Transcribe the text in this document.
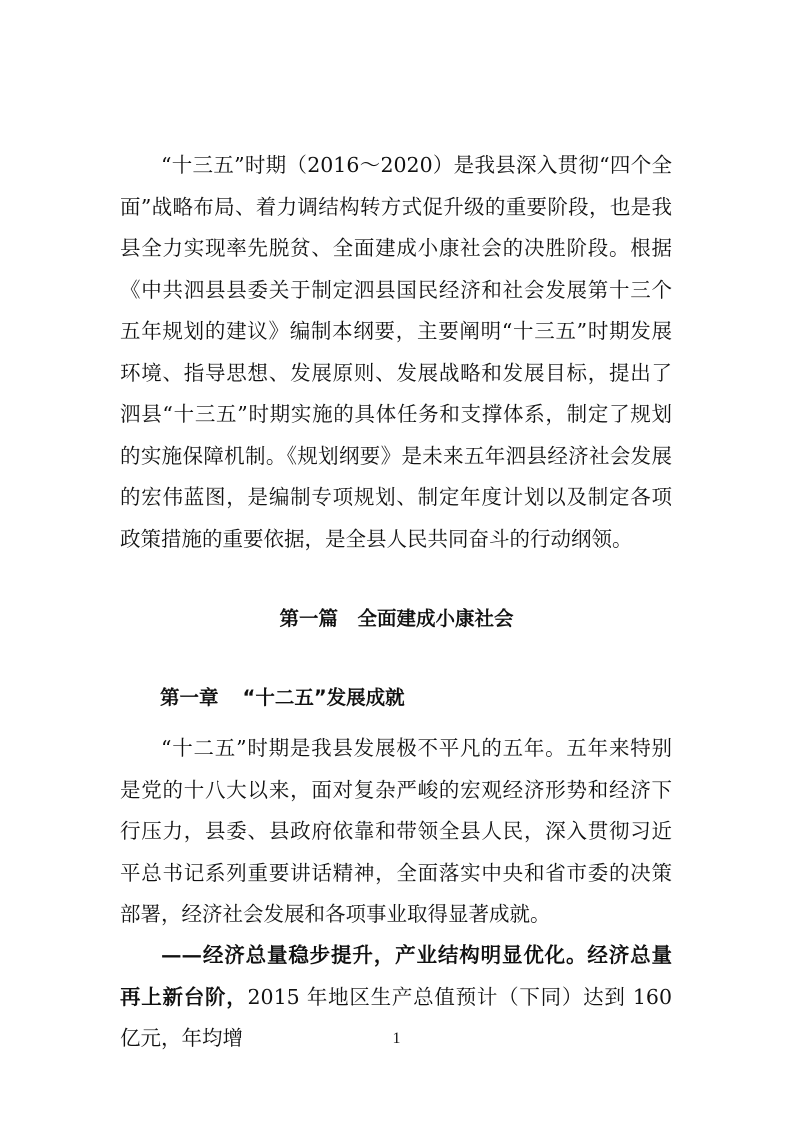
“十三五”时期（2016～2020）是我县深入贯彻“四个全面”战略布局、着力调结构转方式促升级的重要阶段，也是我县全力实现率先脱贫、全面建成小康社会的决胜阶段。根据《中共泗县县委关于制定泗县国民经济和社会发展第十三个五年规划的建议》编制本纲要，主要阐明“十三五”时期发展环境、指导思想、发展原则、发展战略和发展目标，提出了泗县“十三五”时期实施的具体任务和支撑体系，制定了规划的实施保障机制。《规划纲要》是未来五年泗县经济社会发展的宏伟蓝图，是编制专项规划、制定年度计划以及制定各项政策措施的重要依据，是全县人民共同奋斗的行动纲领。

第一篇　全面建成小康社会
第一章 “十二五”发展成就

“十二五”时期是我县发展极不平凡的五年。五年来特别是党的十八大以来，面对复杂严峻的宏观经济形势和经济下行压力，县委、县政府依靠和带领全县人民，深入贯彻习近平总书记系列重要讲话精神，全面落实中央和省市委的决策部署，经济社会发展和各项事业取得显著成就。

——经济总量稳步提升，产业结构明显优化。经济总量再上新台阶，2015 年地区生产总值预计（下同）达到 160 亿元，年均增	1
